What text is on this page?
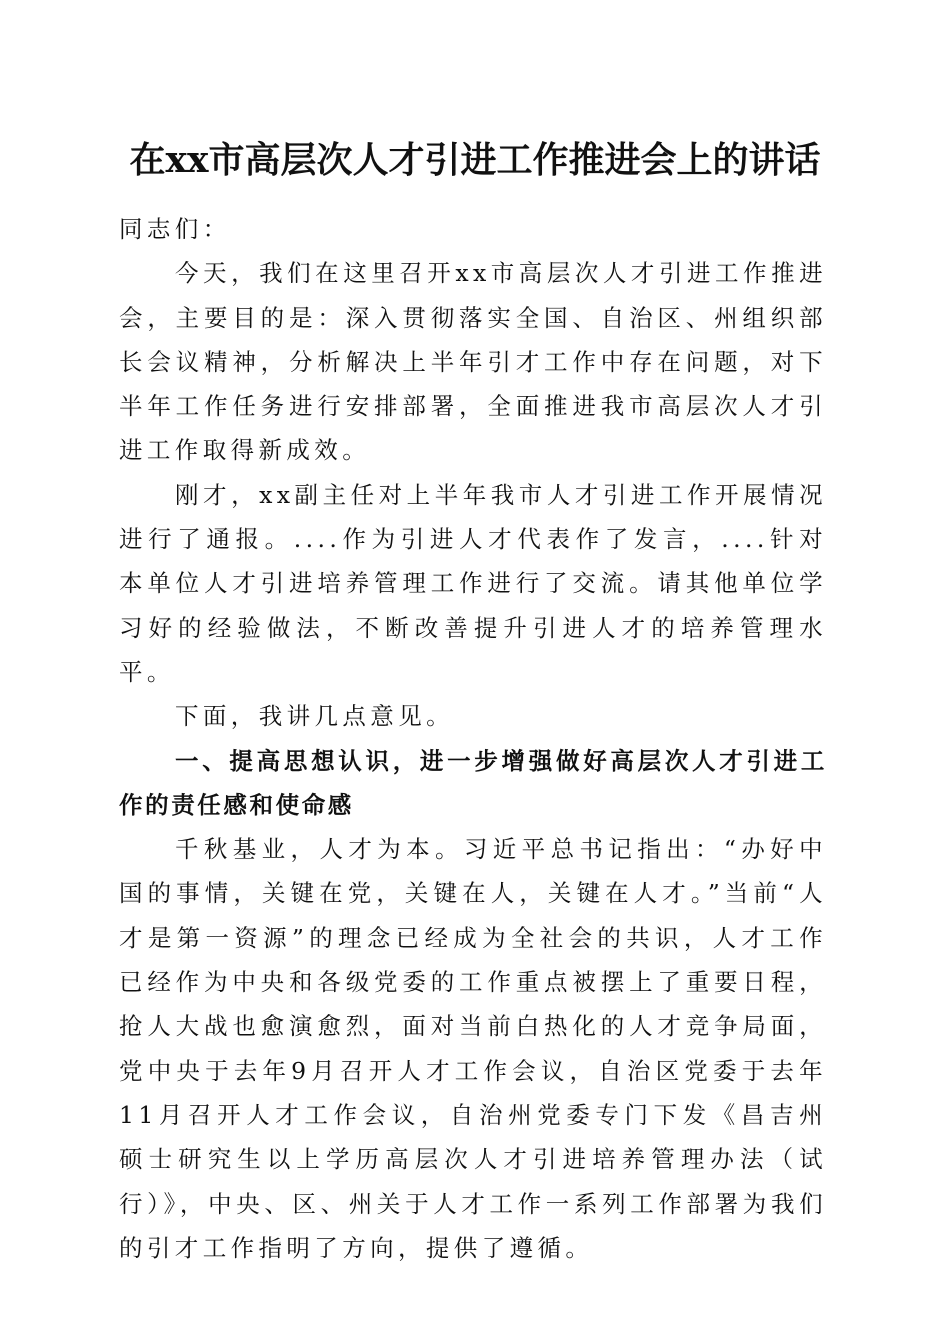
在xx市高层次人才引进工作推进会上的讲话

同志们：

今天，我们在这里召开xx市高层次人才引进工作推进会，主要目的是：深入贯彻落实全国、自治区、州组织部长会议精神，分析解决上半年引才工作中存在问题，对下半年工作任务进行安排部署，全面推进我市高层次人才引进工作取得新成效。

刚才，xx副主任对上半年我市人才引进工作开展情况进行了通报。....作为引进人才代表作了发言，....针对本单位人才引进培养管理工作进行了交流。请其他单位学习好的经验做法，不断改善提升引进人才的培养管理水平。

下面，我讲几点意见。

一、提高思想认识，进一步增强做好高层次人才引进工作的责任感和使命感

千秋基业，人才为本。习近平总书记指出：“办好中国的事情，关键在党，关键在人，关键在人才。”当前“人才是第一资源”的理念已经成为全社会的共识，人才工作已经作为中央和各级党委的工作重点被摆上了重要日程，抢人大战也愈演愈烈，面对当前白热化的人才竞争局面，党中央于去年9月召开人才工作会议，自治区党委于去年11月召开人才工作会议，自治州党委专门下发《昌吉州硕士研究生以上学历高层次人才引进培养管理办法（试行）》，中央、区、州关于人才工作一系列工作部署为我们的引才工作指明了方向，提供了遵循。
